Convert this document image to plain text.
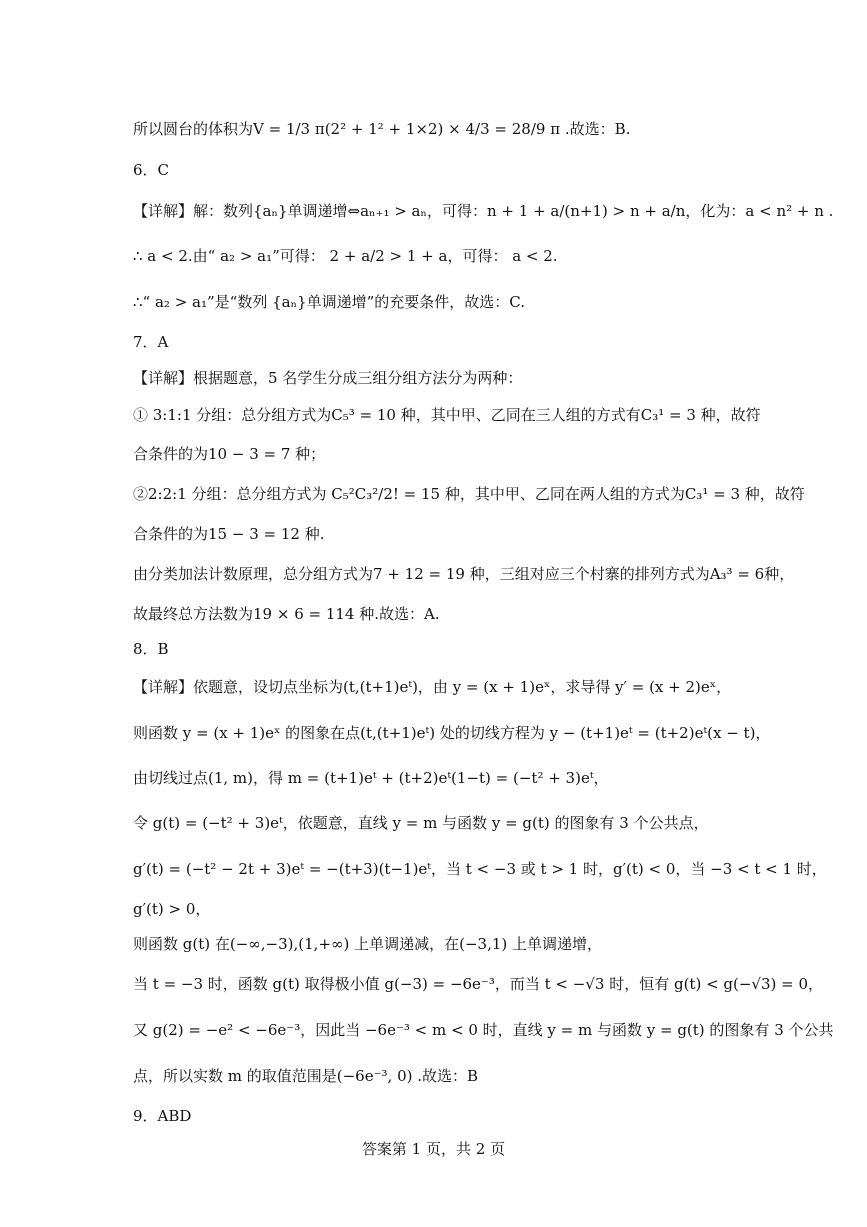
所以圆台的体积为V = 1/3 π(2² + 1² + 1×2) × 4/3 = 28/9 π .故选：B.
6．C
【详解】解：数列{aₙ}单调递增⇔aₙ₊₁ > aₙ，可得：n + 1 + a/(n+1) > n + a/n，化为：a < n² + n .
∴ a < 2.由“ a₂ > a₁”可得： 2 + a/2 > 1 + a，可得： a < 2.
∴“ a₂ > a₁”是“数列 {aₙ}单调递增”的充要条件，故选：C.
7．A
【详解】根据题意，5 名学生分成三组分组方法分为两种：
① 3:1:1 分组：总分组方式为C₅³ = 10 种，其中甲、乙同在三人组的方式有C₃¹ = 3 种，故符
合条件的为10 − 3 = 7 种；
②2:2:1 分组：总分组方式为 C₅²C₃²/2! = 15 种，其中甲、乙同在两人组的方式为C₃¹ = 3 种，故符
合条件的为15 − 3 = 12 种.
由分类加法计数原理，总分组方式为7 + 12 = 19 种，三组对应三个村寨的排列方式为A₃³ = 6种，
故最终总方法数为19 × 6 = 114 种.故选：A.
8．B
【详解】依题意，设切点坐标为(t,(t+1)eᵗ)，由 y = (x + 1)eˣ，求导得 y′ = (x + 2)eˣ，
则函数 y = (x + 1)eˣ 的图象在点(t,(t+1)eᵗ) 处的切线方程为 y − (t+1)eᵗ = (t+2)eᵗ(x − t)，
由切线过点(1, m)，得 m = (t+1)eᵗ + (t+2)eᵗ(1−t) = (−t² + 3)eᵗ，
令 g(t) = (−t² + 3)eᵗ，依题意，直线 y = m 与函数 y = g(t) 的图象有 3 个公共点，
g′(t) = (−t² − 2t + 3)eᵗ = −(t+3)(t−1)eᵗ，当 t < −3 或 t > 1 时，g′(t) < 0，当 −3 < t < 1 时，
g′(t) > 0，
则函数 g(t) 在(−∞,−3),(1,+∞) 上单调递减，在(−3,1) 上单调递增，
当 t = −3 时，函数 g(t) 取得极小值 g(−3) = −6e⁻³，而当 t < −√3 时，恒有 g(t) < g(−√3) = 0，
又 g(2) = −e² < −6e⁻³，因此当 −6e⁻³ < m < 0 时，直线 y = m 与函数 y = g(t) 的图象有 3 个公共
点，所以实数 m 的取值范围是(−6e⁻³, 0) .故选：B
9．ABD
答案第 1 页，共 2 页
